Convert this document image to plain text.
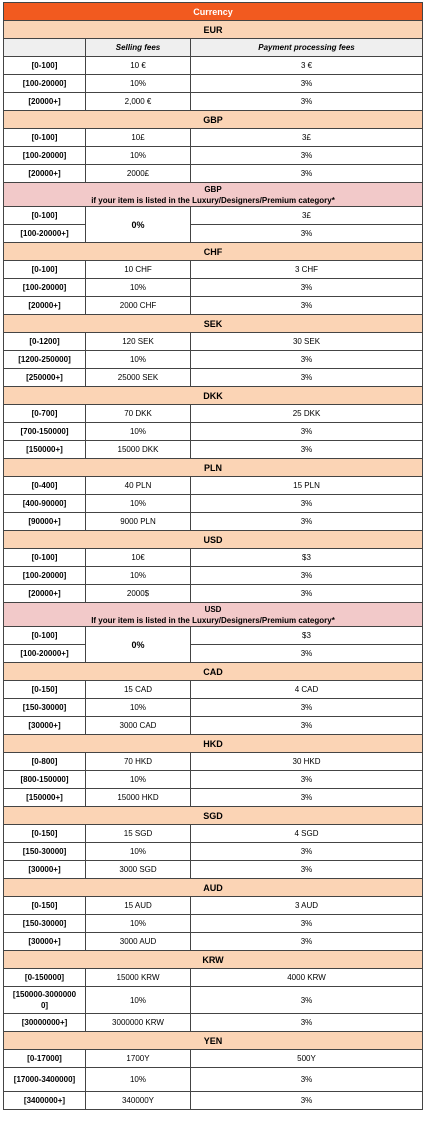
Currency		

EUR		

	Selling fees	Payment processing fees
[0-100]	10 €	3 €
[100-20000]	10%	3%
[20000+]	2,000 €	3%

GBP		

[0-100]	10£	3£
[100-20000]	10%	3%
[20000+]	2000£	3%

GBP
if your item is listed in the Luxury/Designers/Premium category*		

[0-100]	0%	3£
[100-20000+]		3%

CHF		

[0-100]	10 CHF	3 CHF
[100-20000]	10%	3%
[20000+]	2000 CHF	3%

SEK		

[0-1200]	120 SEK	30 SEK
[1200-250000]	10%	3%
[250000+]	25000 SEK	3%

DKK		

[0-700]	70 DKK	25 DKK
[700-150000]	10%	3%
[150000+]	15000 DKK	3%

PLN		

[0-400]	40 PLN	15 PLN
[400-90000]	10%	3%
[90000+]	9000 PLN	3%

USD		

[0-100]	10€	$3
[100-20000]	10%	3%
[20000+]	2000$	3%

USD
If your item is listed in the Luxury/Designers/Premium category*		

[0-100]	0%	$3
[100-20000+]		3%

CAD		

[0-150]	15 CAD	4 CAD
[150-30000]	10%	3%
[30000+]	3000 CAD	3%

HKD		

[0-800]	70 HKD	30 HKD
[800-150000]	10%	3%
[150000+]	15000 HKD	3%

SGD		

[0-150]	15 SGD	4 SGD
[150-30000]	10%	3%
[30000+]	3000 SGD	3%

AUD		

[0-150]	15 AUD	3 AUD
[150-30000]	10%	3%
[30000+]	3000 AUD	3%

KRW		

[0-150000]	15000 KRW	4000 KRW
[150000-3000000
0]	10%	3%
[30000000+]	3000000 KRW	3%

YEN		

[0-17000]	1700Y	500Y
[17000-3400000]	10%	3%
[3400000+]	340000Y	3%
